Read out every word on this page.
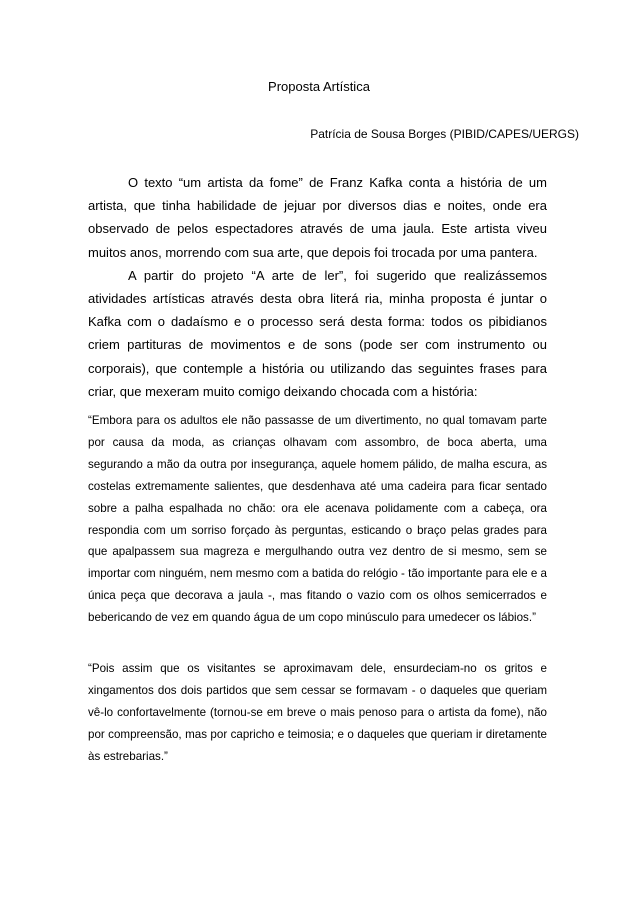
Proposta Artística
Patrícia de Sousa Borges (PIBID/CAPES/UERGS)

O texto “um artista da fome” de Franz Kafka conta a história de um artista, que tinha habilidade de jejuar por diversos dias e noites, onde era observado de pelos espectadores através de uma jaula. Este artista viveu muitos anos, morrendo com sua arte, que depois foi trocada por uma pantera.

A partir do projeto “A arte de ler”, foi sugerido que realizássemos atividades artísticas através desta obra literá ria, minha proposta é juntar o Kafka com o dadaísmo e o processo será desta forma: todos os pibidianos criem partituras de movimentos e de sons (pode ser com instrumento ou corporais), que contemple a história ou utilizando das seguintes frases para criar, que mexeram muito comigo deixando chocada com a história:

“Embora para os adultos ele não passasse de um divertimento, no qual tomavam parte por causa da moda, as crianças olhavam com assombro, de boca aberta, uma segurando a mão da outra por insegurança, aquele homem pálido, de malha escura, as costelas extremamente salientes, que desdenhava até uma cadeira para ficar sentado sobre a palha espalhada no chão: ora ele acenava polidamente com a cabeça, ora respondia com um sorriso forçado às perguntas, esticando o braço pelas grades para que apalpassem sua magreza e mergulhando outra vez dentro de si mesmo, sem se importar com ninguém, nem mesmo com a batida do relógio - tão importante para ele e a única peça que decorava a jaula -, mas fitando o vazio com os olhos semicerrados e bebericando de vez em quando água de um copo minúsculo para umedecer os lábios.”
“Pois assim que os visitantes se aproximavam dele, ensurdeciam-no os gritos e xingamentos dos dois partidos que sem cessar se formavam - o daqueles que queriam vê-lo confortavelmente (tornou-se em breve o mais penoso para o artista da fome), não por compreensão, mas por capricho e teimosia; e o daqueles que queriam ir diretamente às estrebarias.”
